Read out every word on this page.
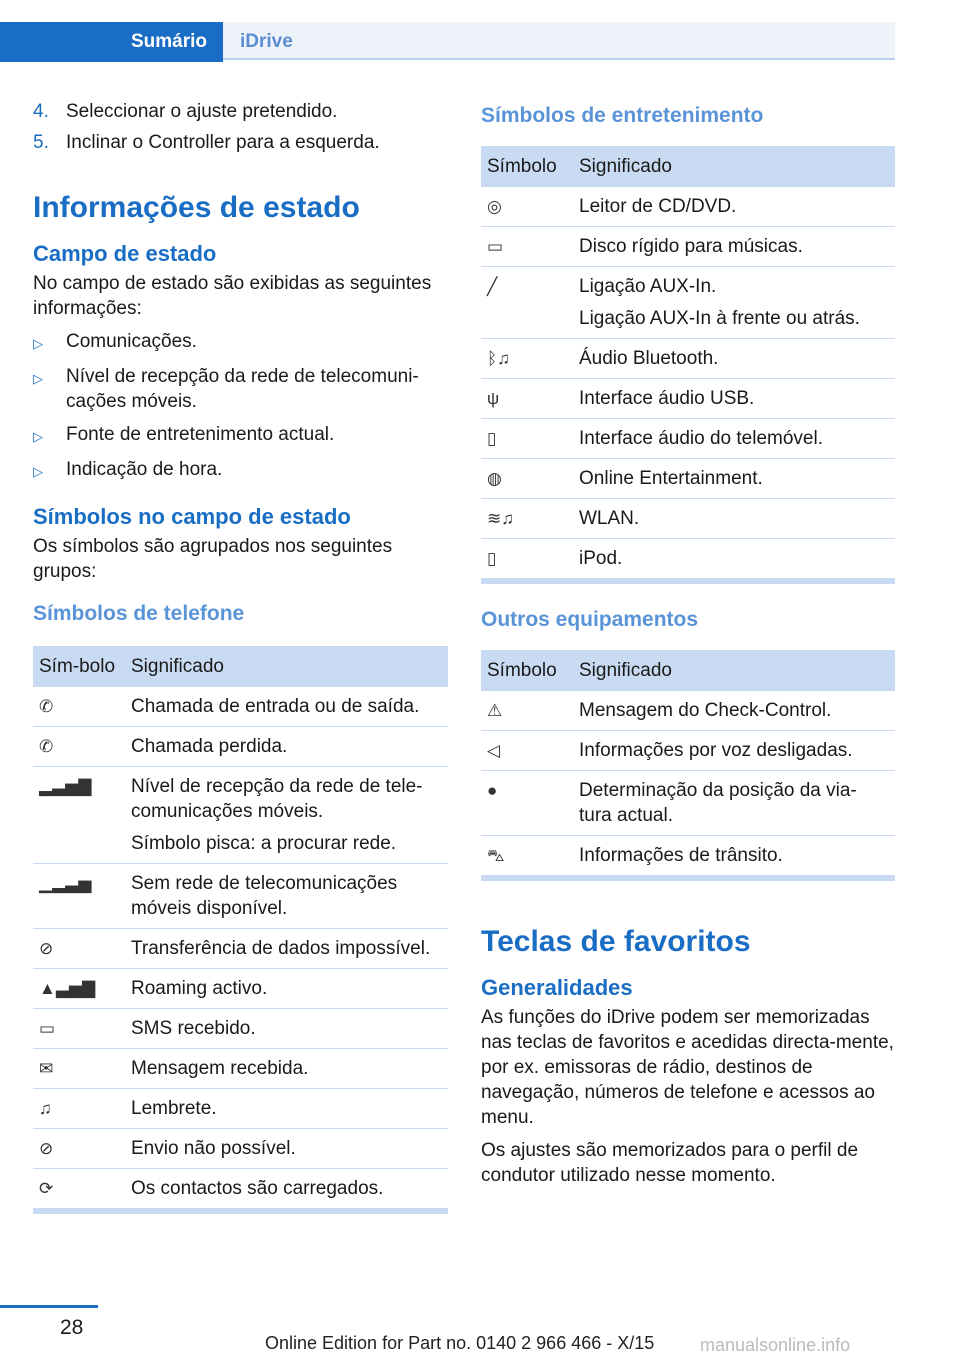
Sumário	iDrive
4. Seleccionar o ajuste pretendido.
5. Inclinar o Controller para a esquerda.
Informações de estado
Campo de estado

No campo de estado são exibidas as seguintes informações:

▷	Comunicações.
▷	Nível de recepção da rede de telecomuni-cações móveis.
▷	Fonte de entretenimento actual.
▷	Indicação de hora.
Símbolos no campo de estado

Os símbolos são agrupados nos seguintes grupos:

Símbolos de telefone
Sím-bolo	Significado
✆	Chamada de entrada ou de saída.

✆	Chamada perdida.

▂▃▅▇	Nível de recepção da rede de tele-comunicações móveis.

Símbolo pisca: a procurar rede.

▁▂▃▅	Sem rede de telecomunicações móveis disponível.

⊘	Transferência de dados impossível.

▲▃▅▇	Roaming activo.

▭	SMS recebido.

✉	Mensagem recebida.

♫	Lembrete.

⊘	Envio não possível.

⟳	Os contactos são carregados.

Símbolos de entretenimento
Símbolo	Significado
◎	Leitor de CD/DVD.

▭	Disco rígido para músicas.

╱	Ligação AUX-In.

Ligação AUX-In à frente ou atrás.

ᛒ♫	Áudio Bluetooth.

ψ	Interface áudio USB.

▯	Interface áudio do telemóvel.

◍	Online Entertainment.

≋♫	WLAN.

▯	iPod.

Outros equipamentos
Símbolo	Significado
⚠	Mensagem do Check-Control.

◁	Informações por voz desligadas.

●	Determinação da posição da via-tura actual.

⛍	Informações de trânsito.

Teclas de favoritos
Generalidades

As funções do iDrive podem ser memorizadas nas teclas de favoritos e acedidas directa-mente, por ex. emissoras de rádio, destinos de navegação, números de telefone e acessos ao menu.

Os ajustes são memorizados para o perfil de condutor utilizado nesse momento.

28
Online Edition for Part no. 0140 2 966 466 - X/15	manualsonline.info
